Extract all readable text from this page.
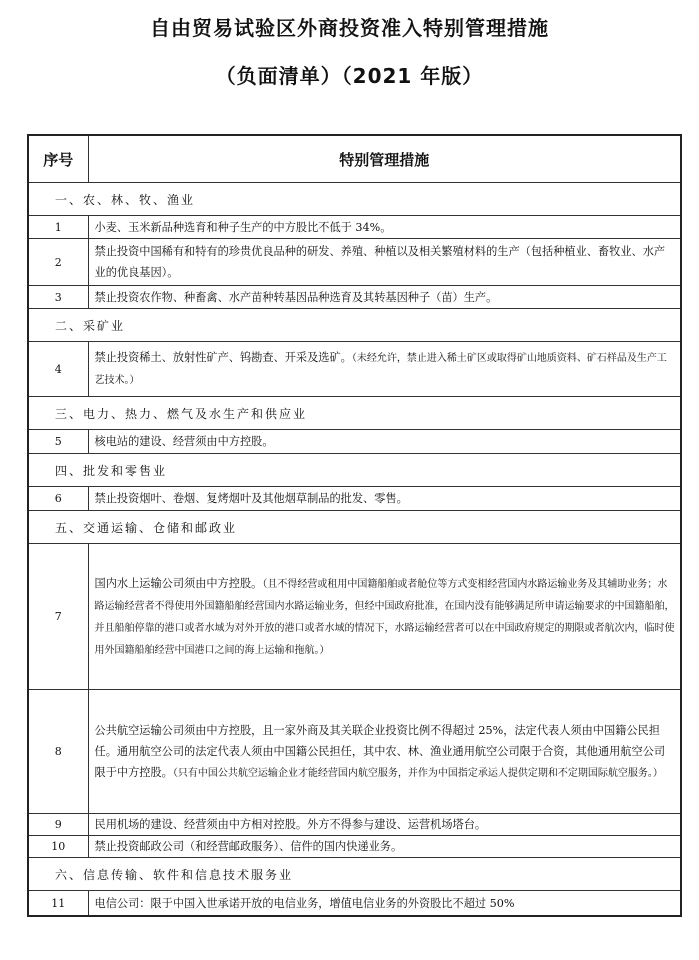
自由贸易试验区外商投资准入特别管理措施
（负面清单）（2021 年版）
序号	特别管理措施
一、农、林、牧、渔业	
1	小麦、玉米新品种选育和种子生产的中方股比不低于 34%。
2	禁止投资中国稀有和特有的珍贵优良品种的研发、养殖、种植以及相关繁殖材料的生产（包括种植业、畜牧业、水产业的优良基因）。
3	禁止投资农作物、种畜禽、水产苗种转基因品种选育及其转基因种子（苗）生产。
二、采矿业	
4	禁止投资稀土、放射性矿产、钨勘查、开采及选矿。（未经允许，禁止进入稀土矿区或取得矿山地质资料、矿石样品及生产工艺技术。）
三、电力、热力、燃气及水生产和供应业	
5	核电站的建设、经营须由中方控股。
四、批发和零售业	
6	禁止投资烟叶、卷烟、复烤烟叶及其他烟草制品的批发、零售。
五、交通运输、仓储和邮政业	
7	国内水上运输公司须由中方控股。（且不得经营或租用中国籍船舶或者舱位等方式变相经营国内水路运输业务及其辅助业务；水路运输经营者不得使用外国籍船舶经营国内水路运输业务，但经中国政府批准，在国内没有能够满足所申请运输要求的中国籍船舶，并且船舶停靠的港口或者水域为对外开放的港口或者水域的情况下，水路运输经营者可以在中国政府规定的期限或者航次内，临时使用外国籍船舶经营中国港口之间的海上运输和拖航。）
8	公共航空运输公司须由中方控股，且一家外商及其关联企业投资比例不得超过 25%，法定代表人须由中国籍公民担任。通用航空公司的法定代表人须由中国籍公民担任，其中农、林、渔业通用航空公司限于合资，其他通用航空公司限于中方控股。（只有中国公共航空运输企业才能经营国内航空服务，并作为中国指定承运人提供定期和不定期国际航空服务。）
9	民用机场的建设、经营须由中方相对控股。外方不得参与建设、运营机场塔台。
10	禁止投资邮政公司（和经营邮政服务）、信件的国内快递业务。
六、信息传输、软件和信息技术服务业	
11	电信公司：限于中国入世承诺开放的电信业务，增值电信业务的外资股比不超过 50%
